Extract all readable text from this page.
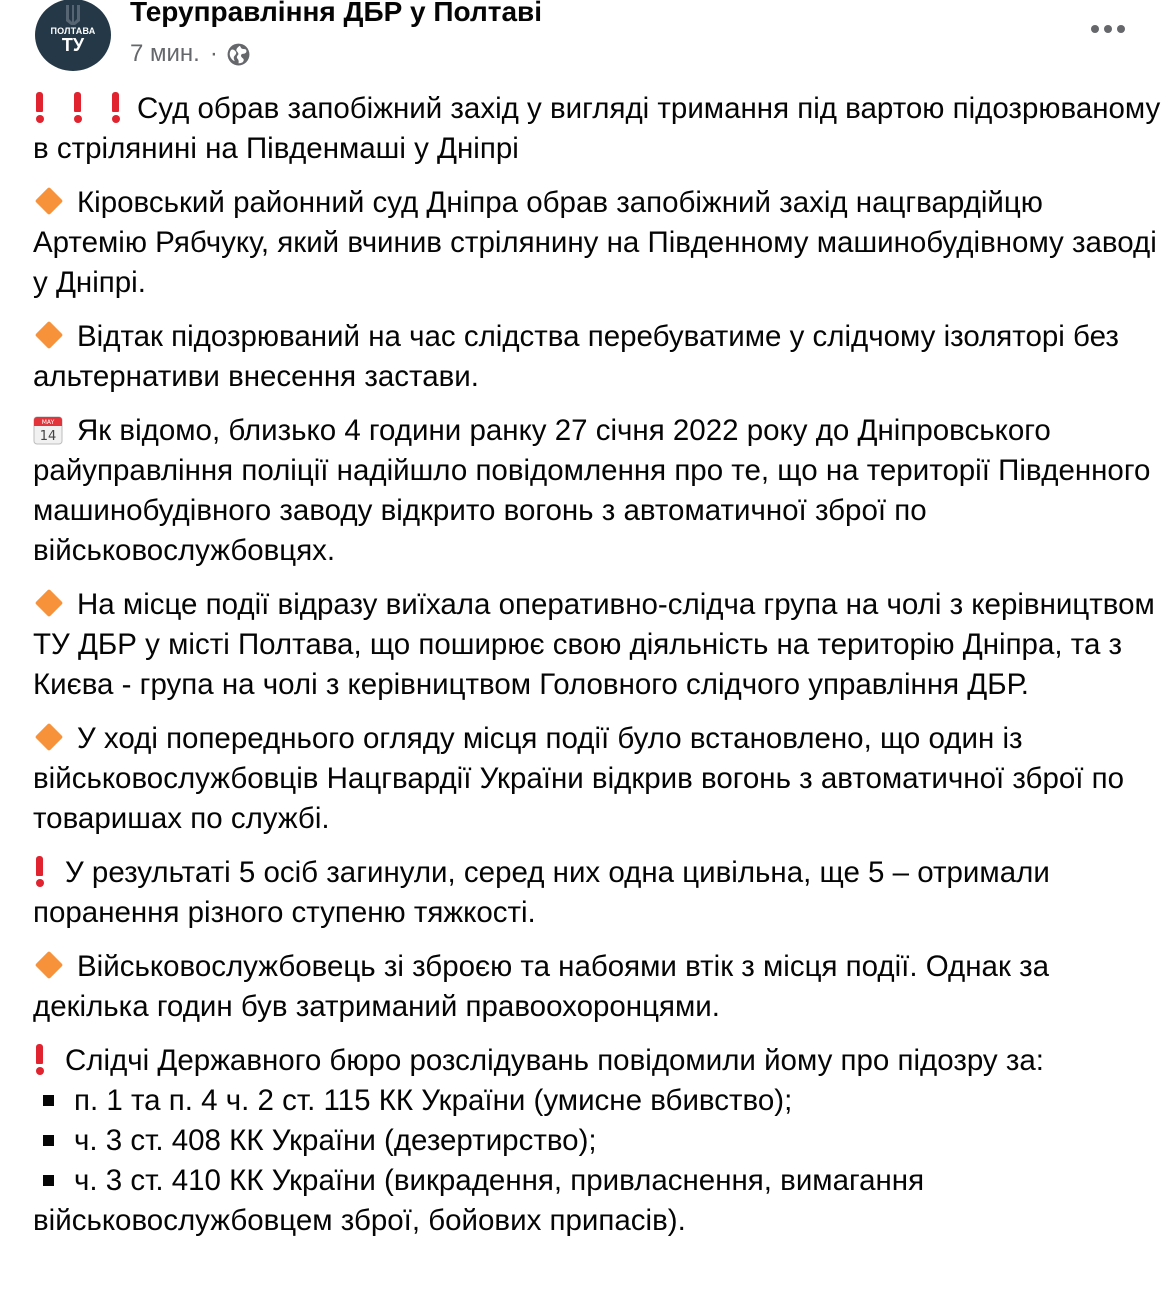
ПОЛТАВА
ТУ
Теруправління ДБР у Полтаві
7 мин. ·

Суд обрав запобіжний захід у вигляді тримання під вартою підозрюваному в стрілянині на Південмаші у Дніпрі

Кіровський районний суд Дніпра обрав запобіжний захід нацгвардійцю Артемію Рябчуку, який вчинив стрілянину на Південному машинобудівному заводі у Дніпрі.

Відтак підозрюваний на час слідства перебуватиме у слідчому ізоляторі без альтернативи внесення застави.

MAY
14 Як відомо, близько 4 години ранку 27 січня 2022 року до Дніпровського райуправління поліції надійшло повідомлення про те, що на території Південного машинобудівного заводу відкрито вогонь з автоматичної зброї по військовослужбовцях.

На місце події відразу виїхала оперативно-слідча група на чолі з керівництвом ТУ ДБР у місті Полтава, що поширює свою діяльність на територію Дніпра, та з Києва - група на чолі з керівництвом Головного слідчого управління ДБР.

У ході попереднього огляду місця події було встановлено, що один із військовослужбовців Нацгвардії України відкрив вогонь з автоматичної зброї по товаришах по службі.

У результаті 5 осіб загинули, серед них одна цивільна, ще 5 – отримали поранення різного ступеню тяжкості.

Військовослужбовець зі зброєю та набоями втік з місця події. Однак за декілька годин був затриманий правоохоронцями.

Слідчі Державного бюро розслідувань повідомили йому про підозру за:
п. 1 та п. 4 ч. 2 ст. 115 КК України (умисне вбивство);
ч. 3 ст. 408 КК України (дезертирство);
ч. 3 ст. 410 КК України (викрадення, привласнення, вимагання військовослужбовцем зброї, бойових припасів).
